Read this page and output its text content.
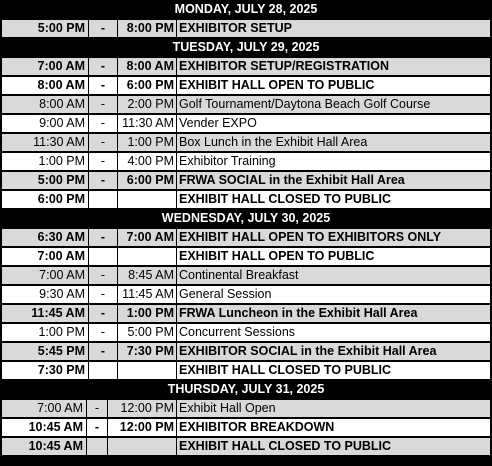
MONDAY, JULY 28, 2025
5:00 PM	-	8:00 PM EXHIBITOR SETUP
TUESDAY, JULY 29, 2025
7:00 AM	-	8:00 AM EXHIBITOR SETUP/REGISTRATION
8:00 AM	-	6:00 PM EXHIBIT HALL OPEN TO PUBLIC
8:00 AM	-	2:00 PM Golf Tournament/Daytona Beach Golf Course
9:00 AM	-	11:30 AM Vender EXPO
11:30 AM	-	1:00 PM Box Lunch in the Exhibit Hall Area
1:00 PM	-	4:00 PM Exhibitor Training
5:00 PM	-	6:00 PM FRWA SOCIAL in the Exhibit Hall Area
6:00 PM	EXHIBIT HALL CLOSED TO PUBLIC
WEDNESDAY, JULY 30, 2025
6:30 AM	-	7:00 AM EXHIBIT HALL OPEN TO EXHIBITORS ONLY
7:00 AM	EXHIBIT HALL OPEN TO PUBLIC
7:00 AM	-	8:45 AM Continental Breakfast
9:30 AM	-	11:45 AM General Session
11:45 AM	-	1:00 PM FRWA Luncheon in the Exhibit Hall Area
1:00 PM	-	5:00 PM Concurrent Sessions
5:45 PM	-	7:30 PM EXHIBITOR SOCIAL in the Exhibit Hall Area
7:30 PM	EXHIBIT HALL CLOSED TO PUBLIC
THURSDAY, JULY 31, 2025
7:00 AM -	12:00 PM Exhibit Hall Open
10:45 AM -	12:00 PM EXHIBITOR BREAKDOWN
10:45 AM	EXHIBIT HALL CLOSED TO PUBLIC
